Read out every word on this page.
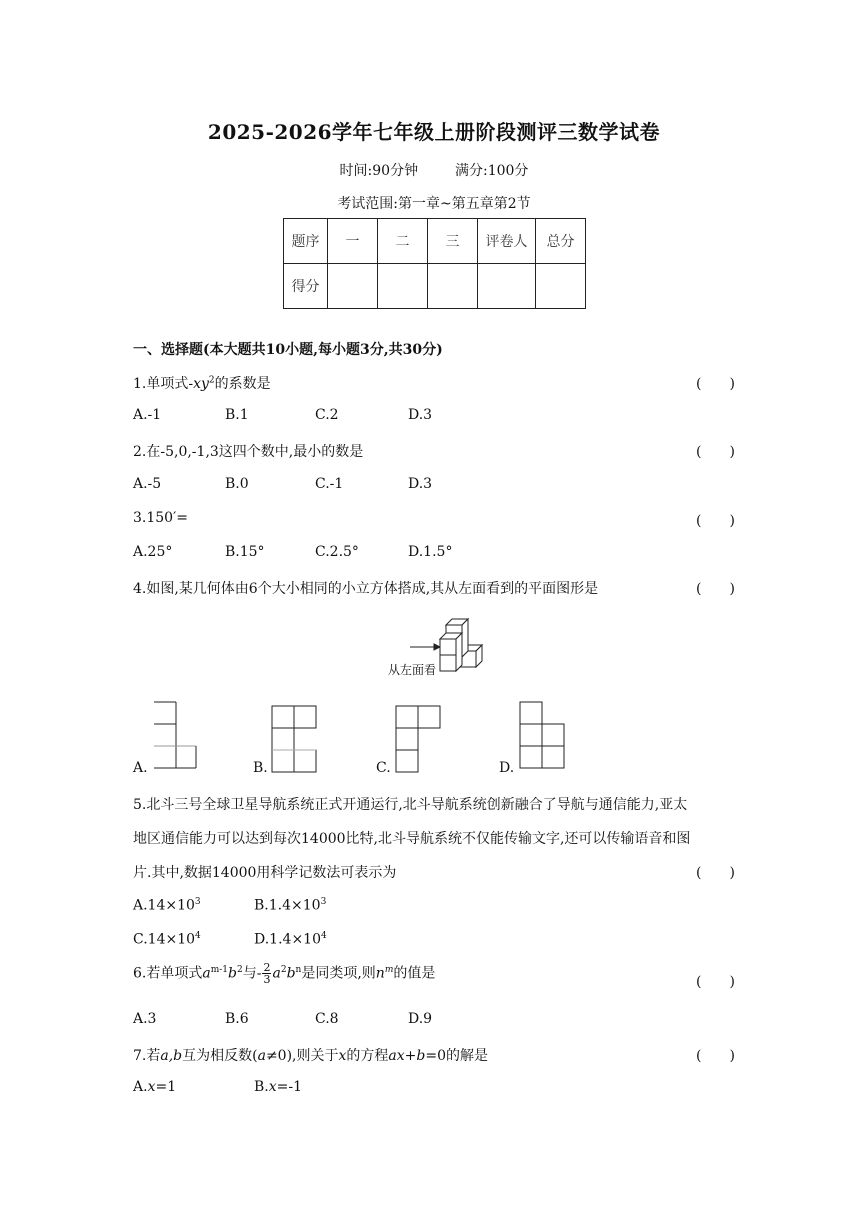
2025-2026学年七年级上册阶段测评三数学试卷
时间:90分钟	满分:100分
考试范围:第一章~第五章第2节
题序	一	二	三	评卷人	总分
得分					
一、选择题(本大题共10小题,每小题3分,共30分)
1.单项式$-xy^2$的系数是	(　　)
A.-1	B.1	C.2	D.3
2.在-5,0,-1,3这四个数中,最小的数是	(　　)
A.-5	B.0	C.-1	D.3
3.150′=	(　　)
A.25°	B.15°	C.2.5°	D.1.5°
4.如图,某几何体由6个大小相同的小立方体搭成,其从左面看到的平面图形是	(　　)
从左面看
A.	B.	C.	D.
5.北斗三号全球卫星导航系统正式开通运行,北斗导航系统创新融合了导航与通信能力,亚太
地区通信能力可以达到每次14000比特,北斗导航系统不仅能传输文字,还可以传输语音和图
片.其中,数据14000用科学记数法可表示为	(　　)
$A.14\times 10^3$	$B.1.4\times 10^3$
$C.14\times 10^4$	$D.1.4\times 10^4$
6.若单项式$a^{m-1}b^2$与- $\frac{2}{3} a^2b^n$是同类项,则$n^m$的值是
(　　)
A.3	B.6	C.8	D.9
7.若a,b互为相反数(a≠0),则关于x的方程ax+b=0的解是	(　　)
A.x=1	B.x=-1
